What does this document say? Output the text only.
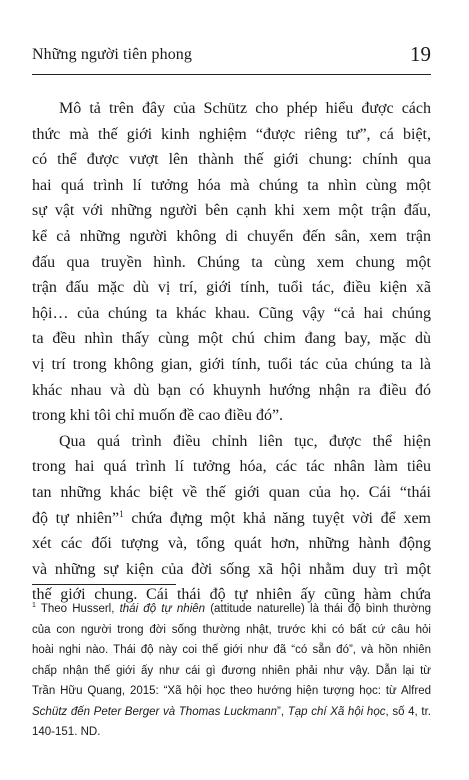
Những người tiên phong	19
Mô tả trên đây của Schütz cho phép hiểu được cách
thức mà thế giới kinh nghiệm “được riêng tư”, cá biệt,
có thể được vượt lên thành thế giới chung: chính qua
hai quá trình lí tưởng hóa mà chúng ta nhìn cùng một
sự vật với những người bên cạnh khi xem một trận đấu,
kể cả những người không di chuyển đến sân, xem trận
đấu qua truyền hình. Chúng ta cùng xem chung một
trận đấu mặc dù vị trí, giới tính, tuổi tác, điều kiện xã
hội… của chúng ta khác khau. Cũng vậy “cả hai chúng
ta đều nhìn thấy cùng một chú chim đang bay, mặc dù
vị trí trong không gian, giới tính, tuổi tác của chúng ta là
khác nhau và dù bạn có khuynh hướng nhận ra điều đó
trong khi tôi chỉ muốn đề cao điều đó”.
Qua quá trình điều chỉnh liên tục, được thể hiện
trong hai quá trình lí tưởng hóa, các tác nhân làm tiêu
tan những khác biệt về thế giới quan của họ. Cái “thái
độ tự nhiên”$^1$ chứa đựng một khả năng tuyệt vời để xem
xét các đối tượng và, tổng quát hơn, những hành động
và những sự kiện của đời sống xã hội nhằm duy trì một
thế giới chung. Cái thái độ tự nhiên ấy cũng hàm chứa
$^1$ Theo Husserl, thái độ tự nhiên (attitude naturelle) là thái độ bình thường
của con người trong đời sống thường nhật, trước khi có bất cứ câu hỏi
hoài nghi nào. Thái độ này coi thế giới như đã “có sẵn đó”, và hồn nhiên
chấp nhận thế giới ấy như cái gì đương nhiên phải như vậy. Dẫn lại từ
Trần Hữu Quang, 2015: “Xã hội học theo hướng hiện tượng học: từ Alfred
Schütz đến Peter Berger và Thomas Luckmann”, Tạp chí Xã hội học, số 4, tr.
140-151. ND.
